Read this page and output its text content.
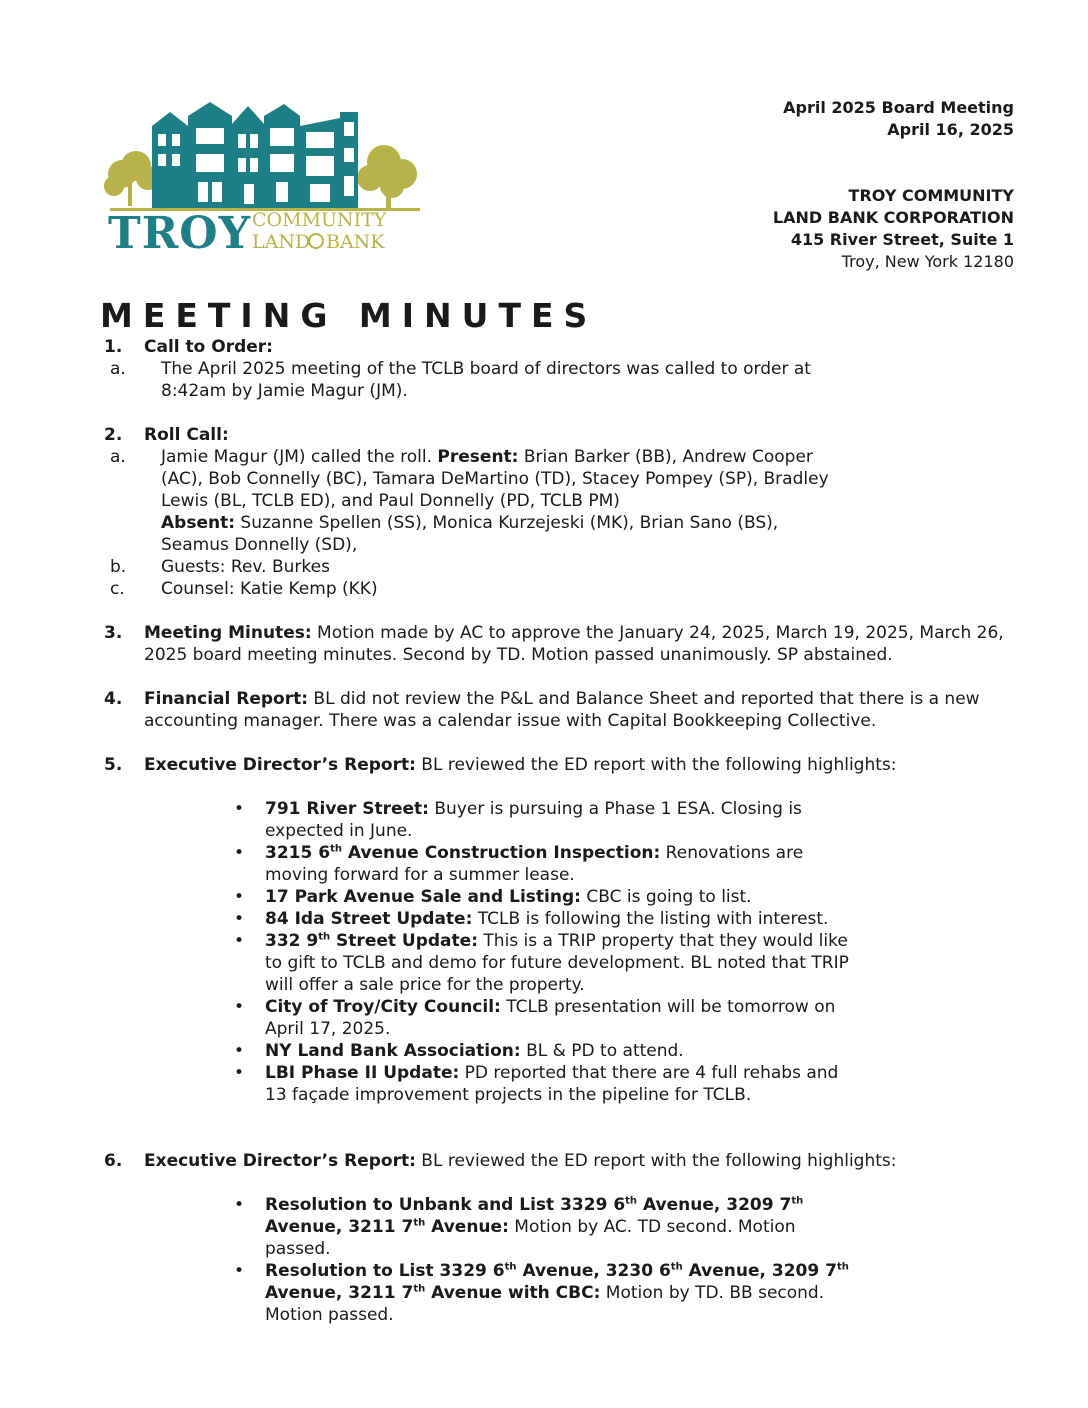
TROY COMMUNITY
LAND BANK
April 2025 Board Meeting
April 16, 2025
TROY COMMUNITY
LAND BANK CORPORATION
415 River Street, Suite 1
Troy, New York 12180
MEETING MINUTES
1. Call to Order:
a. The April 2025 meeting of the TCLB board of directors was called to order at 8:42am by Jamie Magur (JM).
2. Roll Call:
a. Jamie Magur (JM) called the roll. Present: Brian Barker (BB), Andrew Cooper (AC), Bob Connelly (BC), Tamara DeMartino (TD), Stacey Pompey (SP), Bradley Lewis (BL, TCLB ED), and Paul Donnelly (PD, TCLB PM)
Absent: Suzanne Spellen (SS), Monica Kurzejeski (MK), Brian Sano (BS), Seamus Donnelly (SD),
b. Guests: Rev. Burkes
c. Counsel: Katie Kemp (KK)
3. Meeting Minutes: Motion made by AC to approve the January 24, 2025, March 19, 2025, March 26, 2025 board meeting minutes. Second by TD. Motion passed unanimously. SP abstained.
4. Financial Report: BL did not review the P&L and Balance Sheet and reported that there is a new accounting manager. There was a calendar issue with Capital Bookkeeping Collective.
5. Executive Director’s Report: BL reviewed the ED report with the following highlights:
• 791 River Street: Buyer is pursuing a Phase 1 ESA. Closing is expected in June.
• 3215 6th Avenue Construction Inspection: Renovations are moving forward for a summer lease.
• 17 Park Avenue Sale and Listing: CBC is going to list.
• 84 Ida Street Update: TCLB is following the listing with interest.
• 332 9th Street Update: This is a TRIP property that they would like to gift to TCLB and demo for future development. BL noted that TRIP will offer a sale price for the property.
• City of Troy/City Council: TCLB presentation will be tomorrow on April 17, 2025.
• NY Land Bank Association: BL & PD to attend.
• LBI Phase II Update: PD reported that there are 4 full rehabs and 13 façade improvement projects in the pipeline for TCLB.
6. Executive Director’s Report: BL reviewed the ED report with the following highlights:
• Resolution to Unbank and List 3329 6th Avenue, 3209 7th Avenue, 3211 7th Avenue: Motion by AC. TD second. Motion passed.
• Resolution to List 3329 6th Avenue, 3230 6th Avenue, 3209 7th Avenue, 3211 7th Avenue with CBC: Motion by TD. BB second. Motion passed.
